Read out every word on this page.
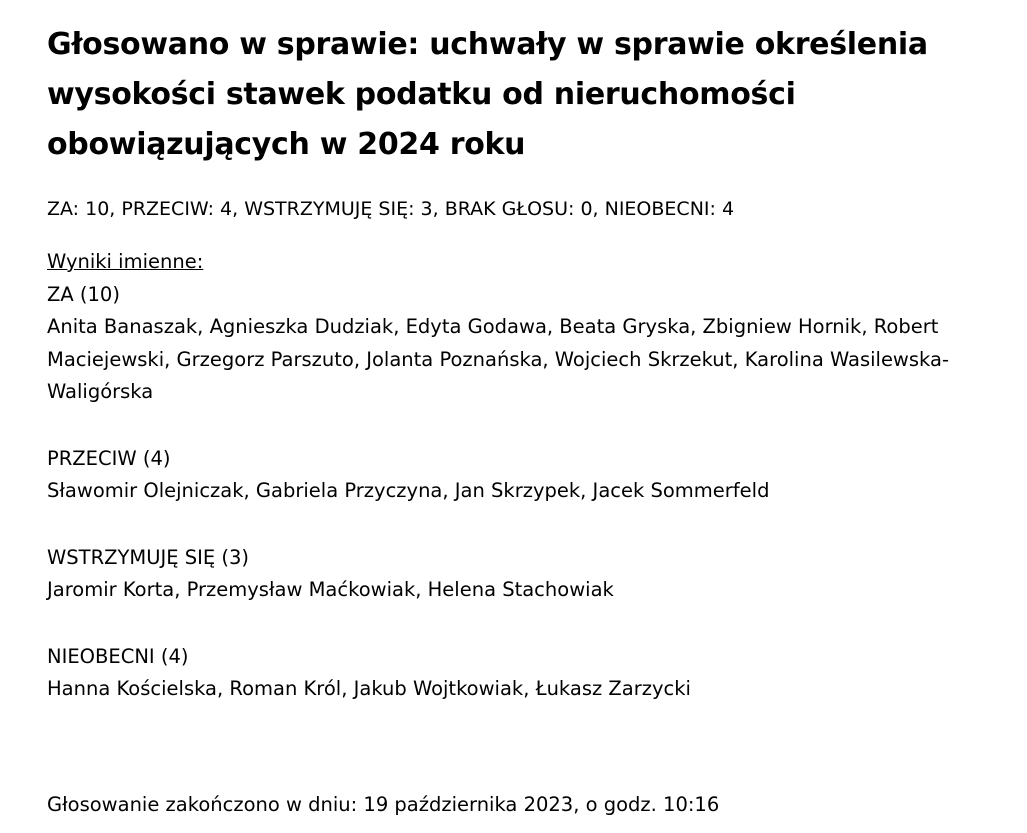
Głosowano w sprawie: uchwały w sprawie określenia wysokości stawek podatku od nieruchomości obowiązujących w 2024 roku
ZA: 10, PRZECIW: 4, WSTRZYMUJĘ SIĘ: 3, BRAK GŁOSU: 0, NIEOBECNI: 4
Wyniki imienne:
ZA (10)
Anita Banaszak, Agnieszka Dudziak, Edyta Godawa, Beata Gryska, Zbigniew Hornik, Robert Maciejewski, Grzegorz Parszuto, Jolanta Poznańska, Wojciech Skrzekut, Karolina Wasilewska-Waligórska
PRZECIW (4)
Sławomir Olejniczak, Gabriela Przyczyna, Jan Skrzypek, Jacek Sommerfeld
WSTRZYMUJĘ SIĘ (3)
Jaromir Korta, Przemysław Maćkowiak, Helena Stachowiak
NIEOBECNI (4)
Hanna Kościelska, Roman Król, Jakub Wojtkowiak, Łukasz Zarzycki
Głosowanie zakończono w dniu: 19 października 2023, o godz. 10:16
